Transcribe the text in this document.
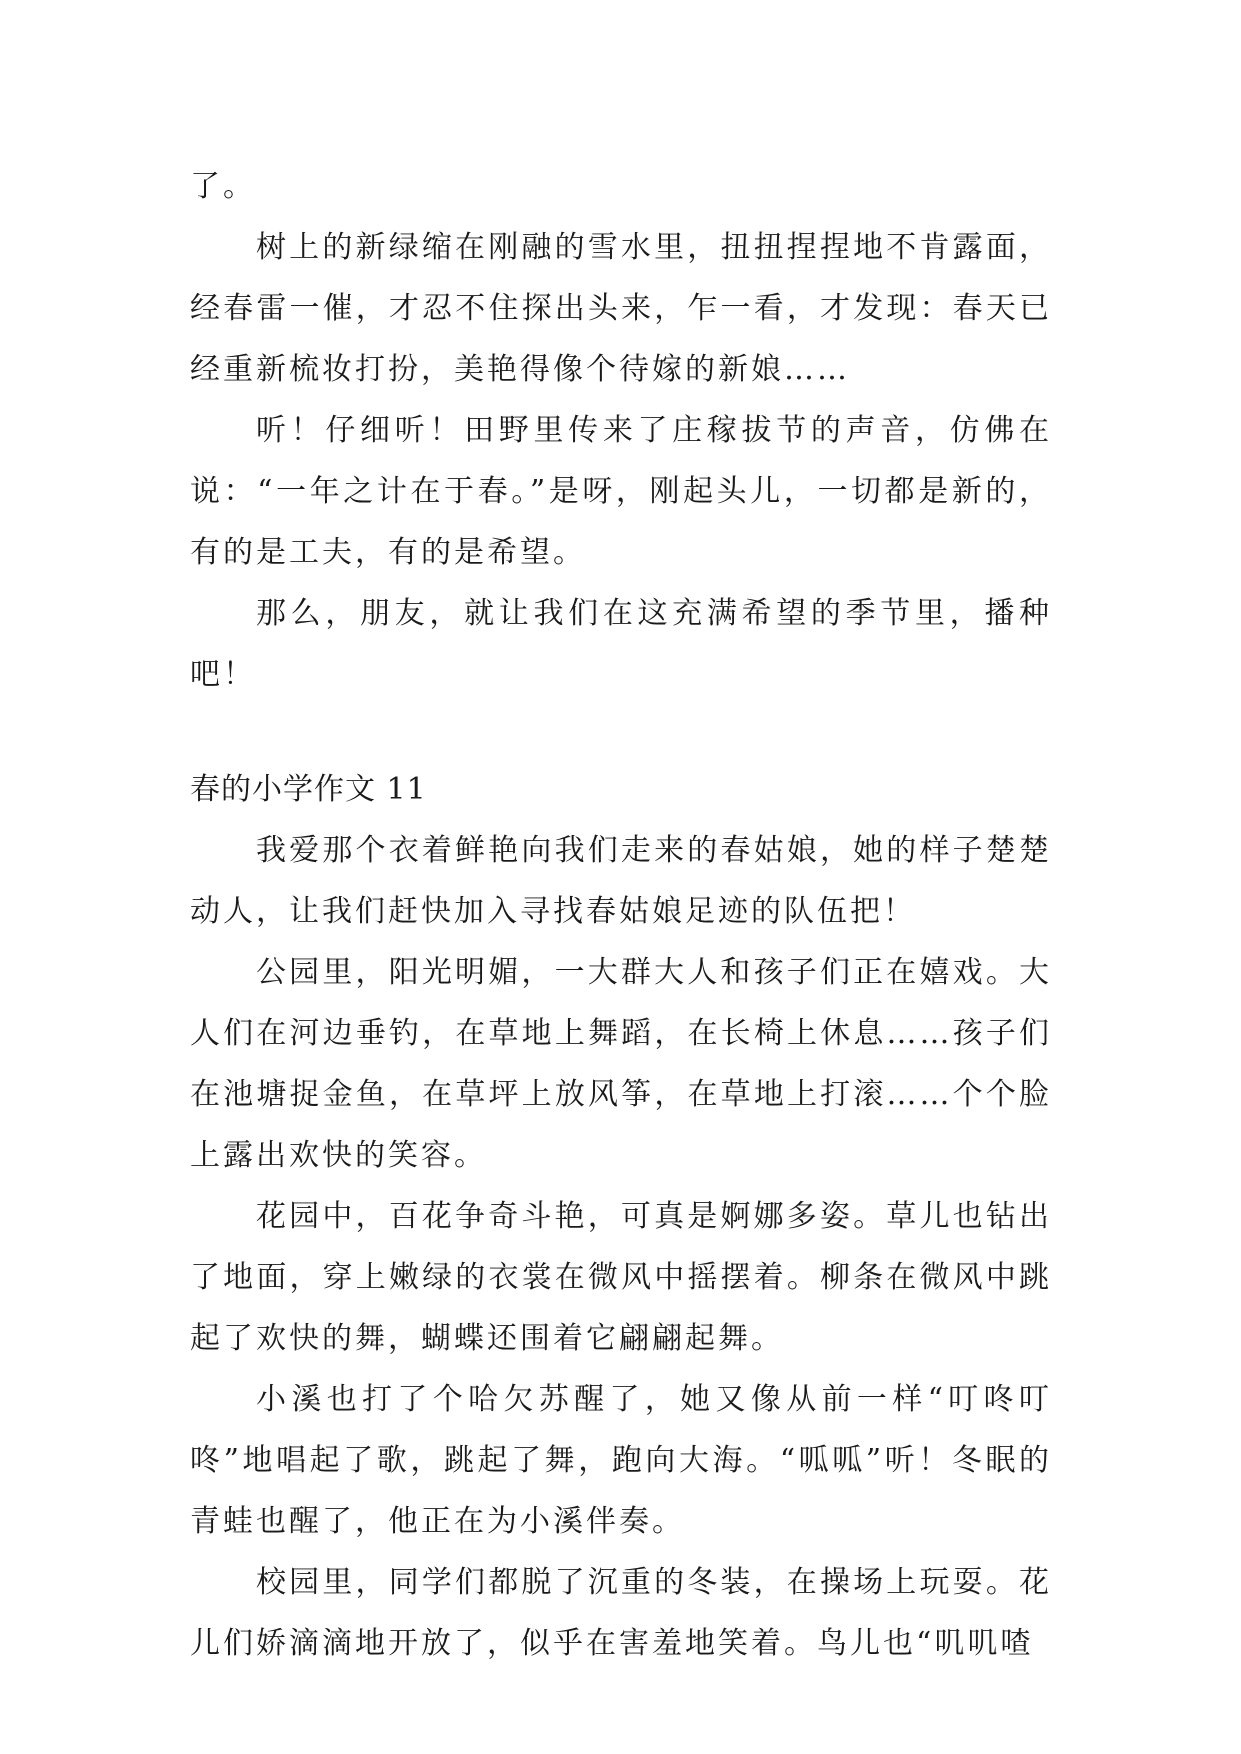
了。

树上的新绿缩在刚融的雪水里，扭扭捏捏地不肯露面，经春雷一催，才忍不住探出头来，乍一看，才发现：春天已经重新梳妆打扮，美艳得像个待嫁的新娘……

听！仔细听！田野里传来了庄稼拔节的声音，仿佛在说：“一年之计在于春。”是呀，刚起头儿，一切都是新的，有的是工夫，有的是希望。

那么，朋友，就让我们在这充满希望的季节里，播种吧！

春的小学作文 11

我爱那个衣着鲜艳向我们走来的春姑娘，她的样子楚楚动人，让我们赶快加入寻找春姑娘足迹的队伍把！

公园里，阳光明媚，一大群大人和孩子们正在嬉戏。大人们在河边垂钓，在草地上舞蹈，在长椅上休息……孩子们在池塘捉金鱼，在草坪上放风筝，在草地上打滚……个个脸上露出欢快的笑容。

花园中，百花争奇斗艳，可真是婀娜多姿。草儿也钻出了地面，穿上嫩绿的衣裳在微风中摇摆着。柳条在微风中跳起了欢快的舞，蝴蝶还围着它翩翩起舞。

小溪也打了个哈欠苏醒了，她又像从前一样“叮咚叮咚”地唱起了歌，跳起了舞，跑向大海。“呱呱”听！冬眠的青蛙也醒了，他正在为小溪伴奏。

校园里，同学们都脱了沉重的冬装，在操场上玩耍。花儿们娇滴滴地开放了，似乎在害羞地笑着。鸟儿也“叽叽喳
